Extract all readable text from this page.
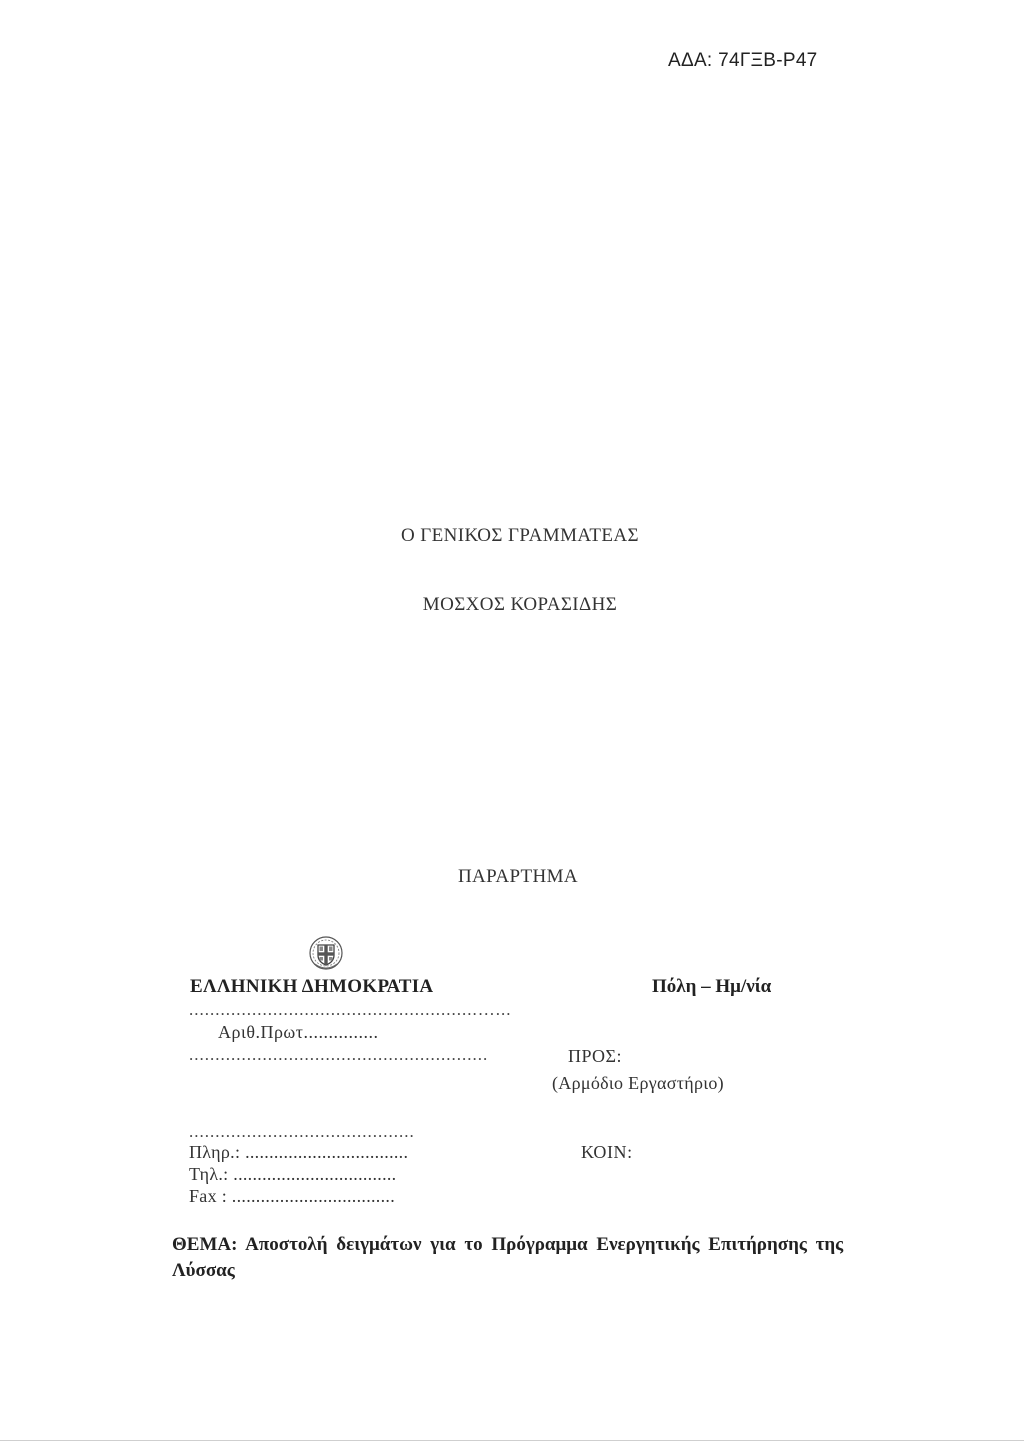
ΑΔΑ: 74ΓΞΒ-Ρ47
Ο ΓΕΝΙΚΟΣ ΓΡΑΜΜΑΤΕΑΣ
ΜΟΣΧΟΣ ΚΟΡΑΣΙΔΗΣ
ΠΑΡΑΡΤΗΜΑ
ΕΛΛΗΝΙΚΗ ΔΗΜΟΚΡΑΤΙΑ	Πόλη – Ημ/νία
.......................................................…...
Αριθ.Πρωτ...............
.........................................................	ΠΡΟΣ:
(Αρμόδιο Εργαστήριο)
...........................................
Πληρ.: ..................................
Τηλ.: ..................................
Fax : ..................................
ΚΟΙΝ:
ΘΕΜΑ: Αποστολή δειγμάτων για το Πρόγραμμα Ενεργητικής Επιτήρησης της Λύσσας
